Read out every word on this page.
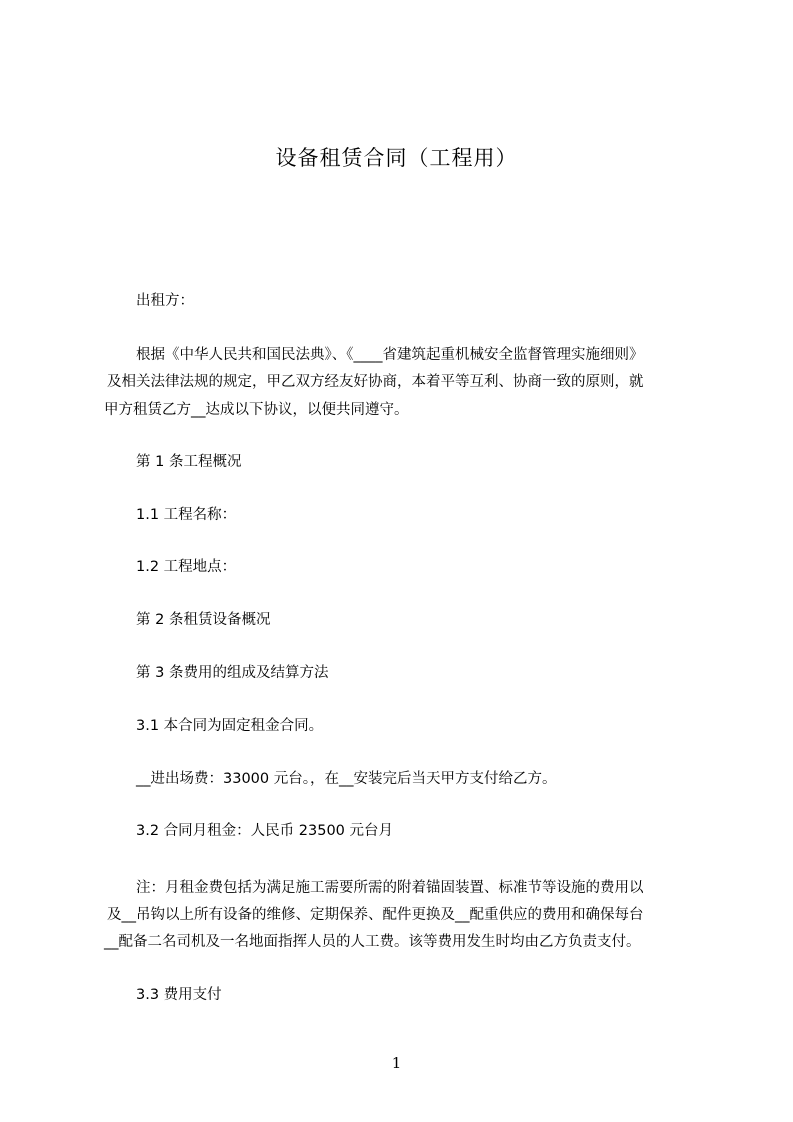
设备租赁合同（工程用）
出租方：
根据《中华人民共和国民法典》、《____省建筑起重机械安全监督管理实施细则》
及相关法律法规的规定，甲乙双方经友好协商，本着平等互利、协商一致的原则，就
甲方租赁乙方__达成以下协议，以便共同遵守。
第 1 条工程概况
1.1 工程名称：
1.2 工程地点：
第 2 条租赁设备概况
第 3 条费用的组成及结算方法
3.1 本合同为固定租金合同。
__进出场费：33000 元台。，在__安装完后当天甲方支付给乙方。
3.2 合同月租金：人民币 23500 元台月
注：月租金费包括为满足施工需要所需的附着锚固装置、标准节等设施的费用以
及__吊钩以上所有设备的维修、定期保养、配件更换及__配重供应的费用和确保每台
__配备二名司机及一名地面指挥人员的人工费。该等费用发生时均由乙方负责支付。
3.3 费用支付
1
